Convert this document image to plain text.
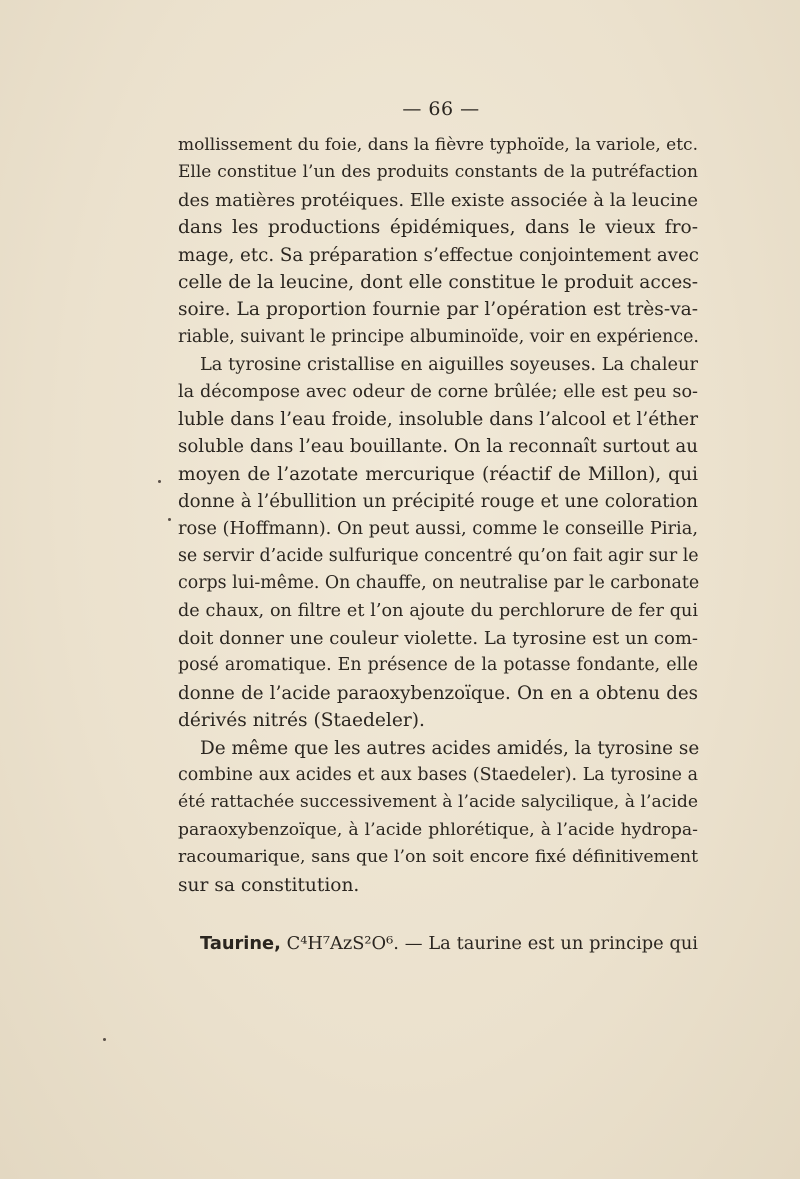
— 66 —
mollissement du foie, dans la fièvre typhoïde, la variole, etc.
Elle constitue l’un des produits constants de la putréfaction
des matières protéiques. Elle existe associée à la leucine
dans les productions épidémiques, dans le vieux fro-
mage, etc. Sa préparation s’effectue conjointement avec
celle de la leucine, dont elle constitue le produit acces-
soire. La proportion fournie par l’opération est très-va-
riable, suivant le principe albuminoïde, voir en expérience.
La tyrosine cristallise en aiguilles soyeuses. La chaleur
la décompose avec odeur de corne brûlée; elle est peu so-
luble dans l’eau froide, insoluble dans l’alcool et l’éther
soluble dans l’eau bouillante. On la reconnaît surtout au
moyen de l’azotate mercurique (réactif de Millon), qui
donne à l’ébullition un précipité rouge et une coloration
rose (Hoffmann). On peut aussi, comme le conseille Piria,
se servir d’acide sulfurique concentré qu’on fait agir sur le
corps lui-même. On chauffe, on neutralise par le carbonate
de chaux, on filtre et l’on ajoute du perchlorure de fer qui
doit donner une couleur violette. La tyrosine est un com-
posé aromatique. En présence de la potasse fondante, elle
donne de l’acide paraoxybenzoïque. On en a obtenu des
dérivés nitrés (Staedeler).
De même que les autres acides amidés, la tyrosine se
combine aux acides et aux bases (Staedeler). La tyrosine a
été rattachée successivement à l’acide salycilique, à l’acide
paraoxybenzoïque, à l’acide phlorétique, à l’acide hydropa-
racoumarique, sans que l’on soit encore fixé définitivement
sur sa constitution.
Taurine, C⁴H⁷AzS²O⁶. — La taurine est un principe qui
